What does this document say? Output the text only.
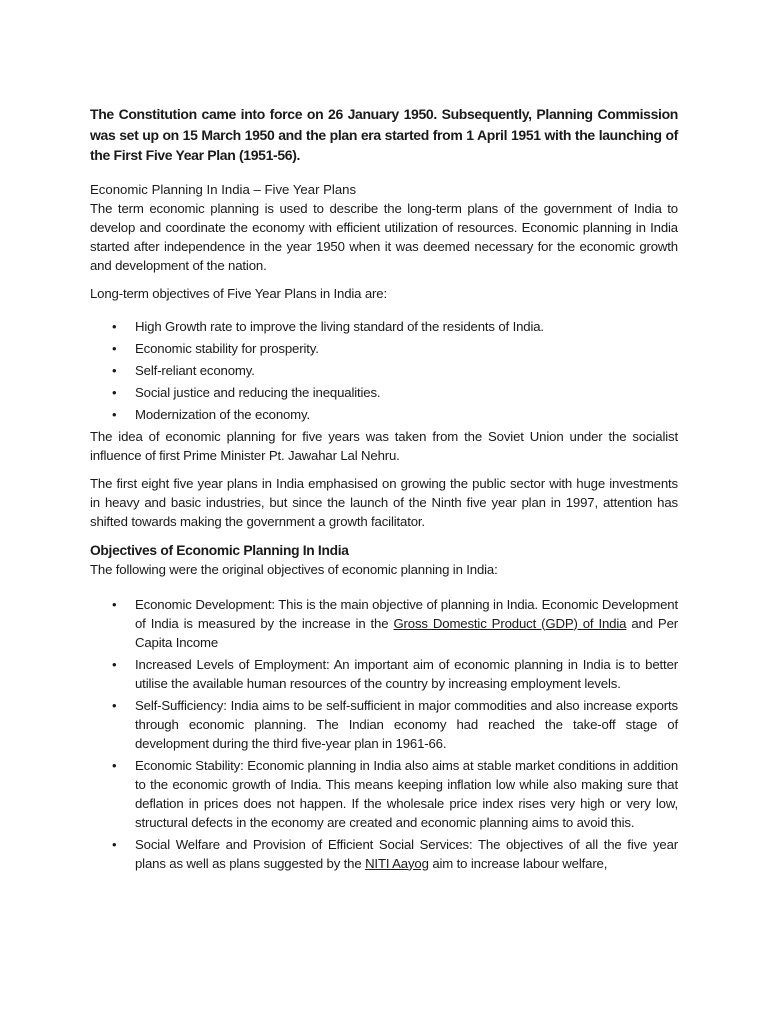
The Constitution came into force on 26 January 1950. Subsequently, Planning Commission was set up on 15 March 1950 and the plan era started from 1 April 1951 with the launching of the First Five Year Plan (1951-56).

Economic Planning In India – Five Year Plans

The term economic planning is used to describe the long-term plans of the government of India to develop and coordinate the economy with efficient utilization of resources. Economic planning in India started after independence in the year 1950 when it was deemed necessary for the economic growth and development of the nation.

Long-term objectives of Five Year Plans in India are:

• High Growth rate to improve the living standard of the residents of India.
• Economic stability for prosperity.
• Self-reliant economy.
• Social justice and reducing the inequalities.
• Modernization of the economy.

The idea of economic planning for five years was taken from the Soviet Union under the socialist influence of first Prime Minister Pt. Jawahar Lal Nehru.

The first eight five year plans in India emphasised on growing the public sector with huge investments in heavy and basic industries, but since the launch of the Ninth five year plan in 1997, attention has shifted towards making the government a growth facilitator.

Objectives of Economic Planning In India

The following were the original objectives of economic planning in India:

• Economic Development: This is the main objective of planning in India. Economic Development of India is measured by the increase in the Gross Domestic Product (GDP) of India and Per Capita Income
• Increased Levels of Employment: An important aim of economic planning in India is to better utilise the available human resources of the country by increasing employment levels.
• Self-Sufficiency: India aims to be self-sufficient in major commodities and also increase exports through economic planning. The Indian economy had reached the take-off stage of development during the third five-year plan in 1961-66.
• Economic Stability: Economic planning in India also aims at stable market conditions in addition to the economic growth of India. This means keeping inflation low while also making sure that deflation in prices does not happen. If the wholesale price index rises very high or very low, structural defects in the economy are created and economic planning aims to avoid this.
• Social Welfare and Provision of Efficient Social Services: The objectives of all the five year plans as well as plans suggested by the NITI Aayog aim to increase labour welfare,
